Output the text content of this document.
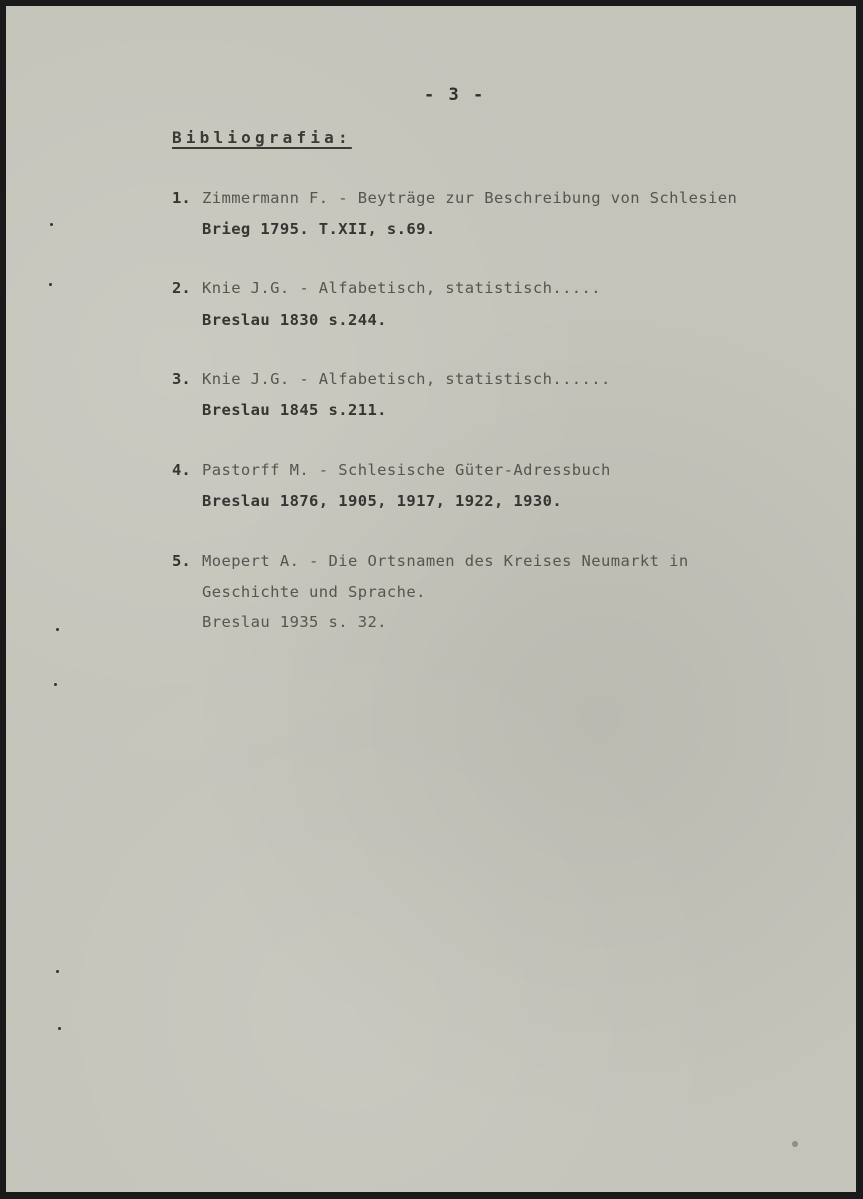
- 3 -
Bibliografia:
1. Zimmermann F. - Beyträge zur Beschreibung von Schlesien
Brieg 1795. T.XII, s.69.
2. Knie J.G. - Alfabetisch, statistisch.....
Breslau 1830 s.244.
3. Knie J.G. - Alfabetisch, statistisch......
Breslau 1845 s.211.
4. Pastorff M. - Schlesische Güter-Adressbuch
Breslau 1876, 1905, 1917, 1922, 1930.
5. Moepert A. - Die Ortsnamen des Kreises Neumarkt in
Geschichte und Sprache.
Breslau 1935 s. 32.
